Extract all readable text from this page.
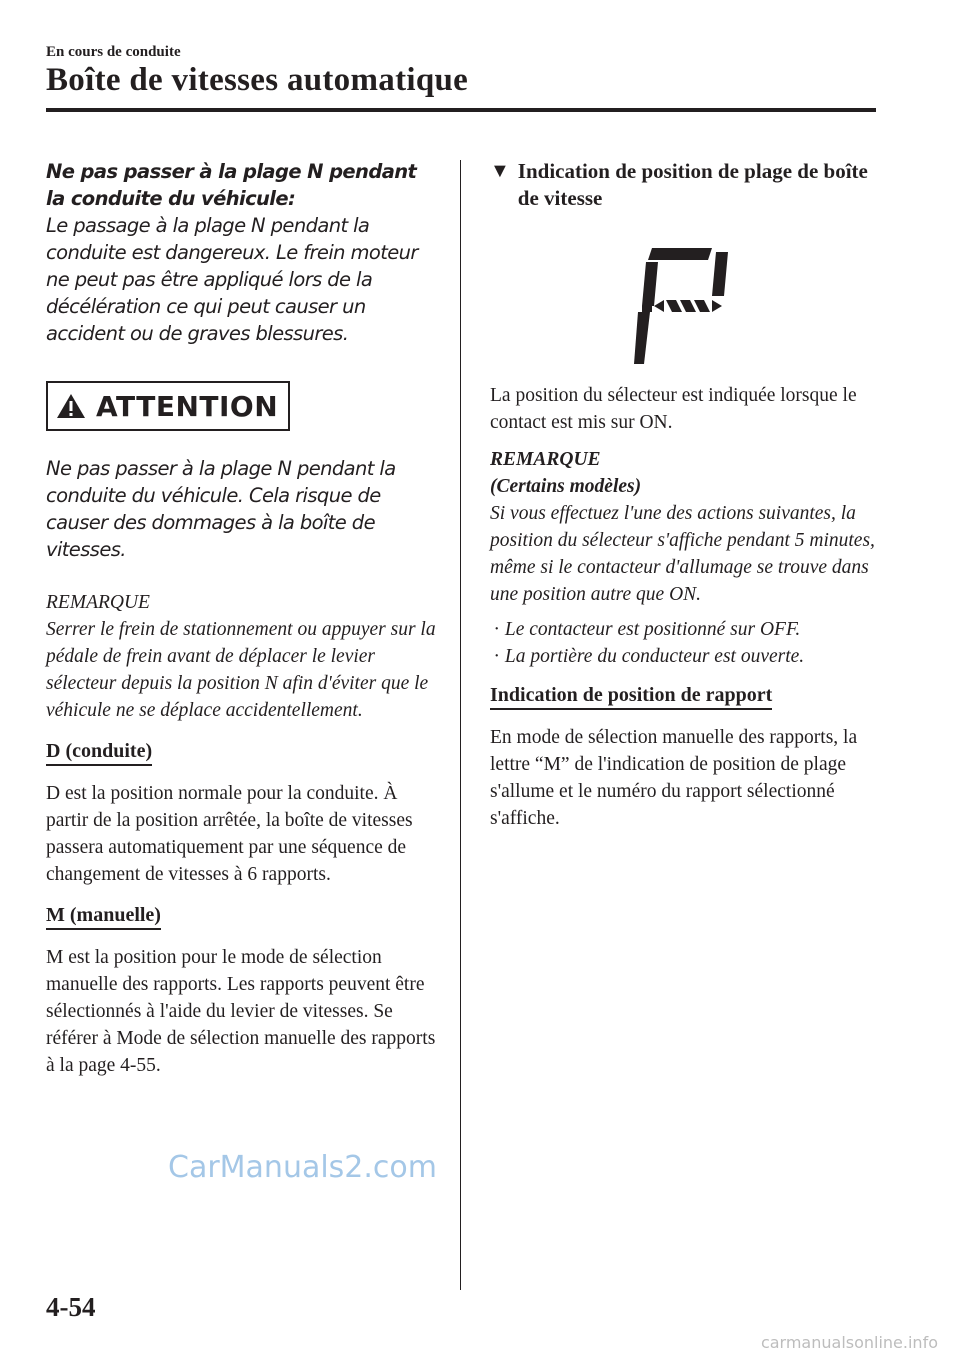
En cours de conduite
Boîte de vitesses automatique

Ne pas passer à la plage N pendant la conduite du véhicule:

Le passage à la plage N pendant la conduite est dangereux. Le frein moteur ne peut pas être appliqué lors de la décélération ce qui peut causer un accident ou de graves blessures.

ATTENTION

Ne pas passer à la plage N pendant la conduite du véhicule. Cela risque de causer des dommages à la boîte de vitesses.

REMARQUE

Serrer le frein de stationnement ou appuyer sur la pédale de frein avant de déplacer le levier sélecteur depuis la position N afin d'éviter que le véhicule ne se déplace accidentellement.

D (conduite)

D est la position normale pour la conduite. À partir de la position arrêtée, la boîte de vitesses passera automatiquement par une séquence de changement de vitesses à 6 rapports.

M (manuelle)

M est la position pour le mode de sélection manuelle des rapports. Les rapports peuvent être sélectionnés à l'aide du levier de vitesses. Se référer à Mode de sélection manuelle des rapports à la page 4-55.

▼ Indication de position de plage de boîte de vitesse

La position du sélecteur est indiquée lorsque le contact est mis sur ON.

REMARQUE

(Certains modèles)

Si vous effectuez l'une des actions suivantes, la position du sélecteur s'affiche pendant 5 minutes, même si le contacteur d'allumage se trouve dans une position autre que ON.

· Le contacteur est positionné sur OFF.
· La portière du conducteur est ouverte.

Indication de position de rapport

En mode de sélection manuelle des rapports, la lettre “M” de l'indication de position de plage s'allume et le numéro du rapport sélectionné s'affiche.

CarManuals2.com
4-54
carmanualsonline.info
